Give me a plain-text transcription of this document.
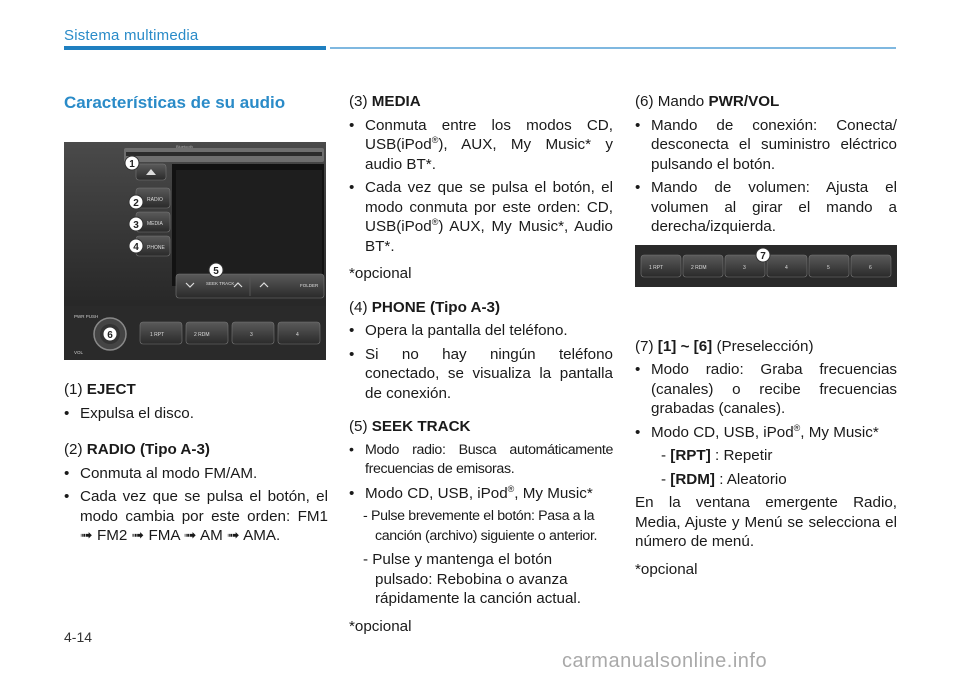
Sistema multimedia
Características de su audio
Bluetooth
RADIO
MEDIA
PHONE
SEEK TRACK	FOLDER
PWR PUSH
VOL
1 RPT	2 RDM	3	4
1
2
3
4
5
6

(1) EJECT

• Expulsa el disco.

(2) RADIO (Tipo A-3)

• Conmuta al modo FM/AM.

• Cada vez que se pulsa el botón, el modo cambia por este orden: FM1 ➟ FM2 ➟ FMA ➟ AM ➟ AMA.

(3) MEDIA

• Conmuta entre los modos CD, USB(iPod®), AUX, My Music* y audio BT*.

• Cada vez que se pulsa el botón, el modo conmuta por este orden: CD, USB(iPod®) AUX, My Music*, Audio BT*.

*opcional

(4) PHONE (Tipo A-3)

• Opera la pantalla del teléfono.

• Si no hay ningún teléfono conectado, se visualiza la pantalla de conexión.

(5) SEEK TRACK

• Modo radio: Busca automáticamente frecuencias de emisoras.

• Modo CD, USB, iPod®, My Music*

- Pulse brevemente el botón: Pasa a la canción (archivo) siguiente o anterior.

- Pulse y mantenga el botón pulsado: Rebobina o avanza rápidamente la canción actual.

*opcional

(6) Mando PWR/VOL

• Mando de conexión: Conecta/ desconecta el suministro eléctrico pulsando el botón.

• Mando de volumen: Ajusta el volumen al girar el mando a derecha/izquierda.

(7) [1] ~ [6] (Preselección)

• Modo radio: Graba frecuencias (canales) o recibe frecuencias grabadas (canales).

• Modo CD, USB, iPod®, My Music*

- [RPT] : Repetir

- [RDM] : Aleatorio

En la ventana emergente Radio, Media, Ajuste y Menú se selecciona el número de menú.

*opcional

1 RPT	2 RDM	3	4	5	6
7
4-14
carmanualsonline.info
